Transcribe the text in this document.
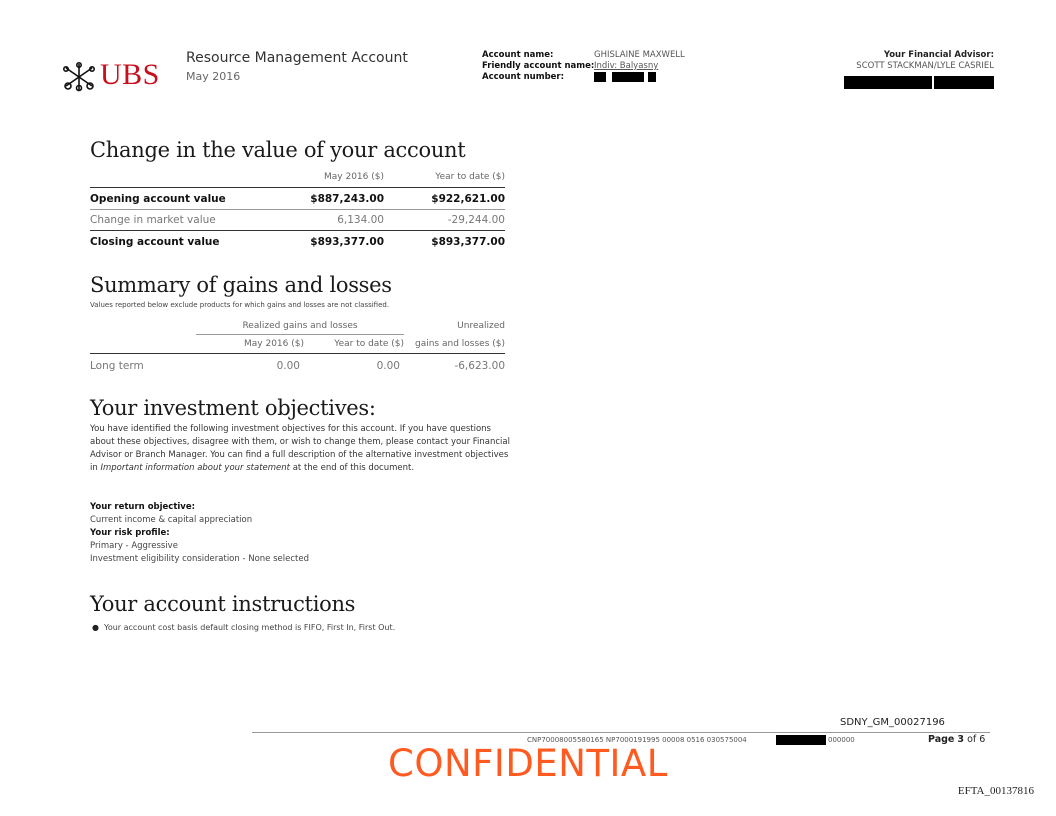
UBS Resource Management Account
May 2016
Account name:	GHISLAINE MAXWELL
Friendly account name: Indiv: Balyasny
Account number:
Your Financial Advisor:
SCOTT STACKMAN/LYLE CASRIEL
Change in the value of your account
May 2016 ($)	Year to date ($)
Opening account value	$887,243.00	$922,621.00
Change in market value	6,134.00	-29,244.00
Closing account value	$893,377.00	$893,377.00
Summary of gains and losses
Values reported below exclude products for which gains and losses are not classified.
Realized gains and losses	Unrealized
May 2016 ($)	Year to date ($)	gains and losses ($)
Long term	0.00	0.00	-6,623.00
Your investment objectives:
You have identified the following investment objectives for this account. If you have questions about these objectives, disagree with them, or wish to change them, please contact your Financial Advisor or Branch Manager. You can find a full description of the alternative investment objectives in Important information about your statement at the end of this document.
Your return objective:
Current income & capital appreciation
Your risk profile:
Primary - Aggressive
Investment eligibility consideration - None selected
Your account instructions
● Your account cost basis default closing method is FIFO, First In, First Out.
SDNY_GM_00027196
CNP70008005580165 NP7000191995 00008 0516 030575004	000000	Page 3 of 6
CONFIDENTIAL
EFTA_00137816
